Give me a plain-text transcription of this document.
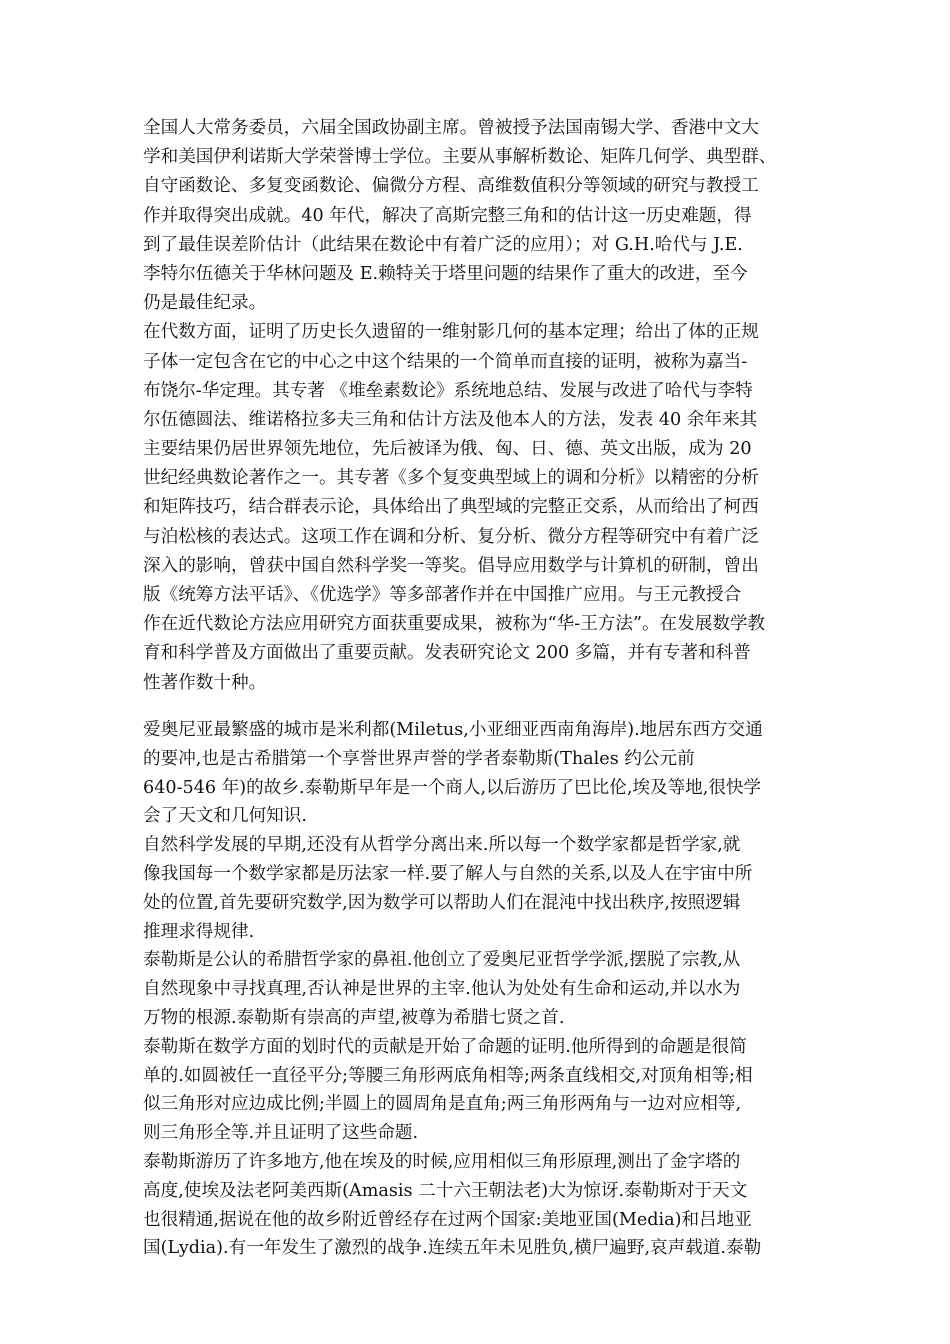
全国人大常务委员，六届全国政协副主席。曾被授予法国南锡大学、香港中文大
学和美国伊利诺斯大学荣誉博士学位。主要从事解析数论、矩阵几何学、典型群、
自守函数论、多复变函数论、偏微分方程、高维数值积分等领域的研究与教授工
作并取得突出成就。40 年代，解决了高斯完整三角和的估计这一历史难题，得
到了最佳误差阶估计（此结果在数论中有着广泛的应用）；对 G.H.哈代与 J.E.
李特尔伍德关于华林问题及 E.赖特关于塔里问题的结果作了重大的改进，至今
仍是最佳纪录。
在代数方面，证明了历史长久遗留的一维射影几何的基本定理；给出了体的正规
子体一定包含在它的中心之中这个结果的一个简单而直接的证明，被称为嘉当-
布饶尔-华定理。其专著 《堆垒素数论》系统地总结、发展与改进了哈代与李特
尔伍德圆法、维诺格拉多夫三角和估计方法及他本人的方法，发表 40 余年来其
主要结果仍居世界领先地位，先后被译为俄、匈、日、德、英文出版，成为 20
世纪经典数论著作之一。其专著《多个复变典型域上的调和分析》以精密的分析
和矩阵技巧，结合群表示论，具体给出了典型域的完整正交系，从而给出了柯西
与泊松核的表达式。这项工作在调和分析、复分析、微分方程等研究中有着广泛
深入的影响，曾获中国自然科学奖一等奖。倡导应用数学与计算机的研制，曾出
版《统筹方法平话》、《优选学》等多部著作并在中国推广应用。与王元教授合
作在近代数论方法应用研究方面获重要成果，被称为“华-王方法”。在发展数学教
育和科学普及方面做出了重要贡献。发表研究论文 200 多篇，并有专著和科普
性著作数十种。
爱奥尼亚最繁盛的城市是米利都(Miletus,小亚细亚西南角海岸).地居东西方交通
的要冲,也是古希腊第一个享誉世界声誉的学者泰勒斯(Thales 约公元前
640-546 年)的故乡.泰勒斯早年是一个商人,以后游历了巴比伦,埃及等地,很快学
会了天文和几何知识.
自然科学发展的早期,还没有从哲学分离出来.所以每一个数学家都是哲学家,就
像我国每一个数学家都是历法家一样.要了解人与自然的关系,以及人在宇宙中所
处的位置,首先要研究数学,因为数学可以帮助人们在混沌中找出秩序,按照逻辑
推理求得规律.
泰勒斯是公认的希腊哲学家的鼻祖.他创立了爱奥尼亚哲学学派,摆脱了宗教,从
自然现象中寻找真理,否认神是世界的主宰.他认为处处有生命和运动,并以水为
万物的根源.泰勒斯有崇高的声望,被尊为希腊七贤之首.
泰勒斯在数学方面的划时代的贡献是开始了命题的证明.他所得到的命题是很简
单的.如圆被任一直径平分;等腰三角形两底角相等;两条直线相交,对顶角相等;相
似三角形对应边成比例;半圆上的圆周角是直角;两三角形两角与一边对应相等,
则三角形全等.并且证明了这些命题.
泰勒斯游历了许多地方,他在埃及的时候,应用相似三角形原理,测出了金字塔的
高度,使埃及法老阿美西斯(Amasis 二十六王朝法老)大为惊讶.泰勒斯对于天文
也很精通,据说在他的故乡附近曾经存在过两个国家:美地亚国(Media)和吕地亚
国(Lydia).有一年发生了激烈的战争.连续五年未见胜负,横尸遍野,哀声载道.泰勒
